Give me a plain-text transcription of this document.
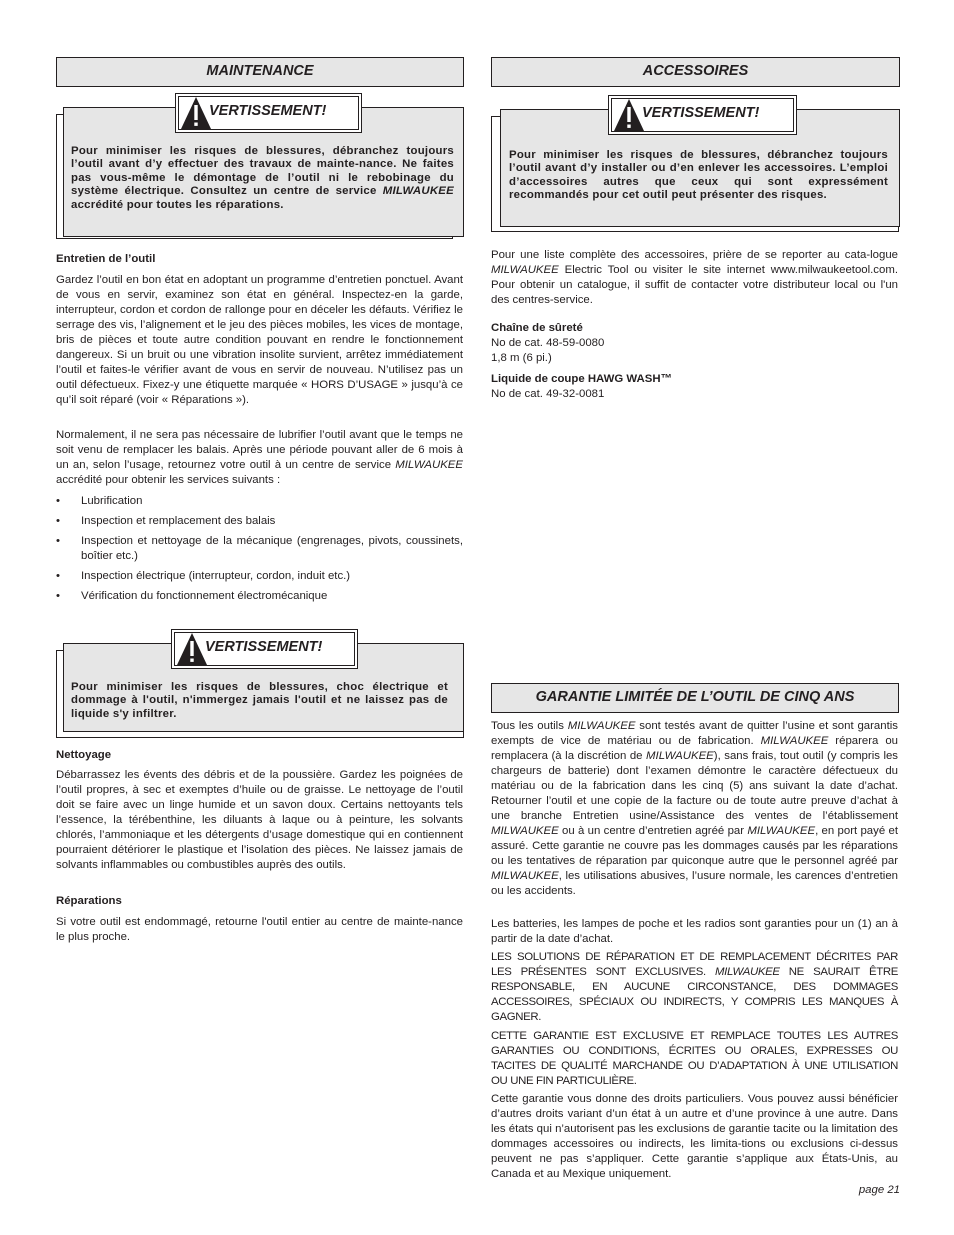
MAINTENANCE
VERTISSEMENT!
Pour minimiser les risques de blessures, débranchez toujours l’outil avant d’y effectuer des travaux de mainte-nance. Ne faites pas vous-même le démontage de l’outil ni le rebobinage du système électrique. Consultez un centre de service MILWAUKEE accrédité pour toutes les réparations.
Entretien de l’outil
Gardez l’outil en bon état en adoptant un programme d’entretien ponctuel. Avant de vous en servir, examinez son état en général. Inspectez-en la garde, interrupteur, cordon et cordon de rallonge pour en déceler les défauts. Vérifiez le serrage des vis, l’alignement et le jeu des pièces mobiles, les vices de montage, bris de pièces et toute autre condition pouvant en rendre le fonctionnement dangereux. Si un bruit ou une vibration insolite survient, arrêtez immédiatement l’outil et faites-le vérifier avant de vous en servir de nouveau. N’utilisez pas un outil défectueux. Fixez-y une étiquette marquée « HORS D’USAGE » jusqu’à ce qu’il soit réparé (voir « Réparations »).
Normalement, il ne sera pas nécessaire de lubrifier l’outil avant que le temps ne soit venu de remplacer les balais. Après une période pouvant aller de 6 mois à un an, selon l’usage, retournez votre outil à un centre de service MILWAUKEE accrédité pour obtenir les services suivants :
• Lubrification
• Inspection et remplacement des balais
• Inspection et nettoyage de la mécanique (engrenages, pivots, coussinets, boîtier etc.)
• Inspection électrique (interrupteur, cordon, induit etc.)
• Vérification du fonctionnement électromécanique
VERTISSEMENT!
Pour minimiser les risques de blessures, choc électrique et dommage à l'outil, n'immergez jamais l'outil et ne laissez pas de liquide s'y infiltrer.
Nettoyage
Débarrassez les évents des débris et de la poussière. Gardez les poignées de l’outil propres, à sec et exemptes d’huile ou de graisse. Le nettoyage de l’outil doit se faire avec un linge humide et un savon doux. Certains nettoyants tels l’essence, la térébenthine, les diluants à laque ou à peinture, les solvants chlorés, l’ammoniaque et les détergents d’usage domestique qui en contiennent pourraient détériorer le plastique et l’isolation des pièces. Ne laissez jamais de solvants inflammables ou combustibles auprès des outils.
Réparations
Si votre outil est endommagé, retourne l'outil entier au centre de mainte-nance le plus proche.
ACCESSOIRES
VERTISSEMENT!
Pour minimiser les risques de blessures, débranchez toujours l’outil avant d’y installer ou d’en enlever les accessoires. L’emploi d’accessoires autres que ceux qui sont expressément recommandés pour cet outil peut présenter des risques.
Pour une liste complète des accessoires, prière de se reporter au cata-logue MILWAUKEE Electric Tool ou visiter le site internet www.milwaukeetool.com. Pour obtenir un catalogue, il suffit de contacter votre distributeur local ou l'un des centres-service.
Chaîne de sûreté
No de cat. 48-59-0080
1,8 m (6 pi.)
Liquide de coupe HAWG WASH™
No de cat. 49-32-0081
GARANTIE LIMITÉE DE L’OUTIL DE CINQ ANS
Tous les outils MILWAUKEE sont testés avant de quitter l’usine et sont garantis exempts de vice de matériau ou de fabrication. MILWAUKEE réparera ou remplacera (à la discrétion de MILWAUKEE), sans frais, tout outil (y compris les chargeurs de batterie) dont l’examen démontre le caractère défectueux du matériau ou de la fabrication dans les cinq (5) ans suivant la date d’achat. Retourner l’outil et une copie de la facture ou de toute autre preuve d’achat à une branche Entretien usine/Assistance des ventes de l’établissement MILWAUKEE ou à un centre d’entretien agréé par MILWAUKEE, en port payé et assuré. Cette garantie ne couvre pas les dommages causés par les réparations ou les tentatives de réparation par quiconque autre que le personnel agréé par MILWAUKEE, les utilisations abusives, l’usure normale, les carences d’entretien ou les accidents.
Les batteries, les lampes de poche et les radios sont garanties pour un (1) an à partir de la date d’achat.
LES SOLUTIONS DE RÉPARATION ET DE REMPLACEMENT DÉCRITES PAR LES PRÉSENTES SONT EXCLUSIVES. MILWAUKEE NE SAURAIT ÊTRE RESPONSABLE, EN AUCUNE CIRCONSTANCE, DES DOMMAGES ACCESSOIRES, SPÉCIAUX OU INDIRECTS, Y COMPRIS LES MANQUES À GAGNER.
CETTE GARANTIE EST EXCLUSIVE ET REMPLACE TOUTES LES AUTRES GARANTIES OU CONDITIONS, ÉCRITES OU ORALES, EXPRESSES OU TACITES DE QUALITÉ MARCHANDE OU D’ADAPTATION À UNE UTILISATION OU UNE FIN PARTICULIÈRE.
Cette garantie vous donne des droits particuliers. Vous pouvez aussi bénéficier d’autres droits variant d’un état à un autre et d’une province à une autre. Dans les états qui n’autorisent pas les exclusions de garantie tacite ou la limitation des dommages accessoires ou indirects, les limita-tions ou exclusions ci-dessus peuvent ne pas s’appliquer. Cette garantie s’applique aux États-Unis, au Canada et au Mexique uniquement.
page 21
